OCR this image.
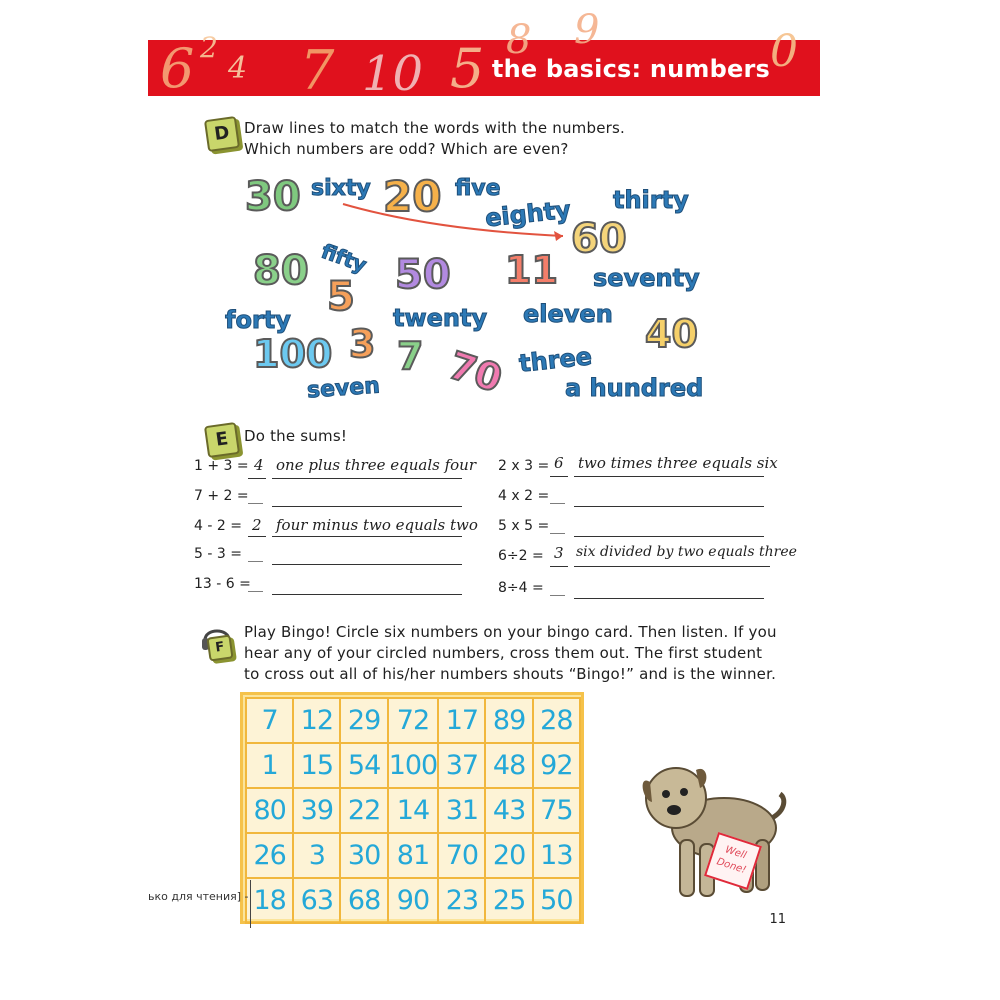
6 2
4 7 10 5 8 9	0
the basics: numbers
D Draw lines to match the words with the numbers.
Which numbers are odd? Which are even?
30 20
60
80 50 11
5
40
100 3 7 70
sixty	five
eighty thirty
fifty
seventy
forty	twenty eleven
three
seven	a hundred
E Do the sums!
1 + 3 = 4 one plus three equals four
7 + 2 = __
4 - 2 = 2 four minus two equals two
5 - 3 = __
13 - 6 =
__
2 x 3 = 6 two times three equals six
4 x 2 = __
5 x 5 = __
6÷2 = 3 six divided by two equals three
8÷4 = __
F
Play Bingo! Circle six numbers on your bingo card. Then listen. If you
hear any of your circled numbers, cross them out. The first student
to cross out all of his/her numbers shouts “Bingo!” and is the winner.
7	12	29	72	17	89	28
1	15	54	100	37	48	92
80	39	22	14	31	43	75
26	3	30	81	70	20	13
18	63	68	90	23	25	50
Well
Done!
11
ько для чтения] -
